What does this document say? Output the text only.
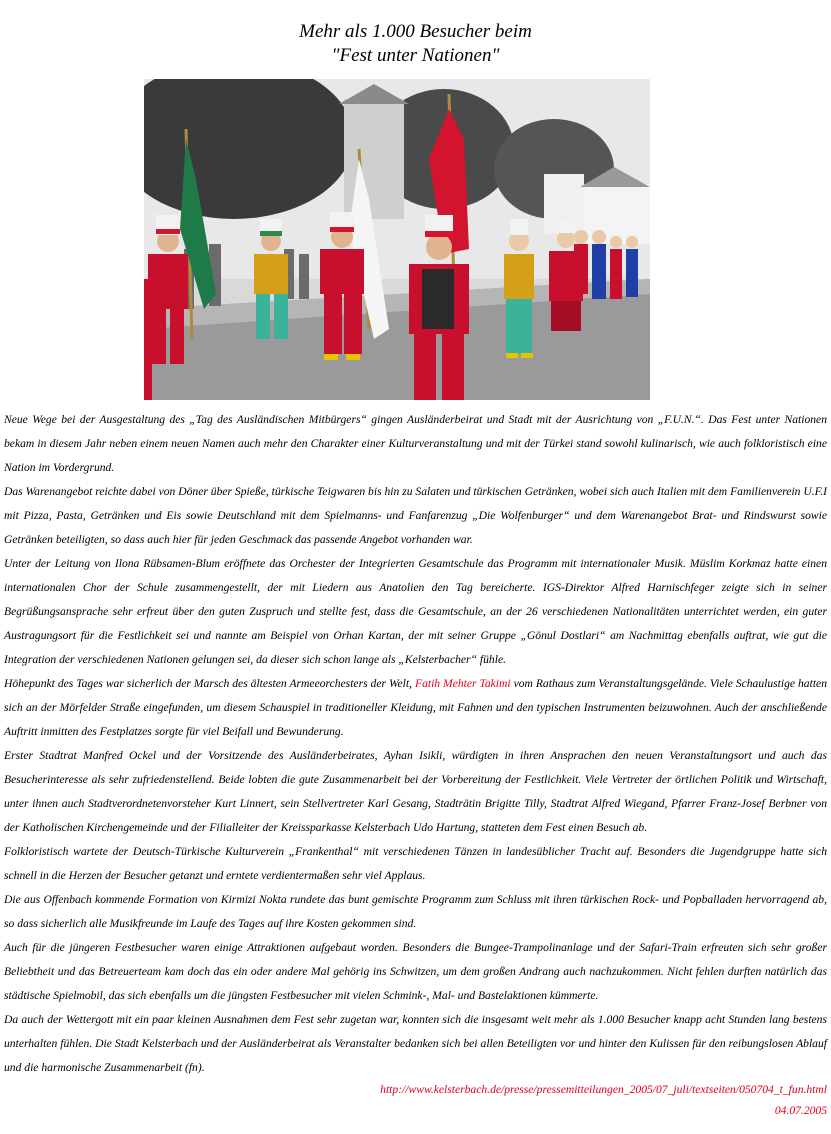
Mehr als 1.000 Besucher beim
"Fest unter Nationen"

Neue Wege bei der Ausgestaltung des „Tag des Ausländischen Mitbürgers“ gingen Ausländerbeirat und Stadt mit der Ausrichtung von „F.U.N.“. Das Fest unter Nationen bekam in diesem Jahr neben einem neuen Namen auch mehr den Charakter einer Kulturveranstaltung und mit der Türkei stand sowohl kulinarisch, wie auch folkloristisch eine Nation im Vordergrund.

Das Warenangebot reichte dabei von Döner über Spieße, türkische Teigwaren bis hin zu Salaten und türkischen Getränken, wobei sich auch Italien mit dem Familienverein U.F.I mit Pizza, Pasta, Getränken und Eis sowie Deutschland mit dem Spielmanns- und Fanfarenzug „Die Wolfenburger“ und dem Warenangebot Brat- und Rindswurst sowie Getränken beteiligten, so dass auch hier für jeden Geschmack das passende Angebot vorhanden war.

Unter der Leitung von Ilona Rübsamen-Blum eröffnete das Orchester der Integrierten Gesamtschule das Programm mit internationaler Musik. Müslim Korkmaz hatte einen internationalen Chor der Schule zusammengestellt, der mit Liedern aus Anatolien den Tag bereicherte. IGS-Direktor Alfred Harnischfeger zeigte sich in seiner Begrüßungsansprache sehr erfreut über den guten Zuspruch und stellte fest, dass die Gesamtschule, an der 26 verschiedenen Nationalitäten unterrichtet werden, ein guter Austragungsort für die Festlichkeit sei und nannte am Beispiel von Orhan Kartan, der mit seiner Gruppe „Gönul Dostlari“ am Nachmittag ebenfalls auftrat, wie gut die Integration der verschiedenen Nationen gelungen sei, da dieser sich schon lange als „Kelsterbacher“ fühle.

Höhepunkt des Tages war sicherlich der Marsch des ältesten Armeeorchesters der Welt, Fatih Mehter Takimi vom Rathaus zum Veranstaltungsgelände. Viele Schaulustige hatten sich an der Mörfelder Straße eingefunden, um diesem Schauspiel in traditioneller Kleidung, mit Fahnen und den typischen Instrumenten beizuwohnen. Auch der anschließende Auftritt inmitten des Festplatzes sorgte für viel Beifall und Bewunderung.

Erster Stadtrat Manfred Ockel und der Vorsitzende des Ausländerbeirates, Ayhan Isikli, würdigten in ihren Ansprachen den neuen Veranstaltungsort und auch das Besucherinteresse als sehr zufriedenstellend. Beide lobten die gute Zusammenarbeit bei der Vorbereitung der Festlichkeit. Viele Vertreter der örtlichen Politik und Wirtschaft, unter ihnen auch Stadtverordnetenvorsteher Kurt Linnert, sein Stellvertreter Karl Gesang, Stadträtin Brigitte Tilly, Stadtrat Alfred Wiegand, Pfarrer Franz-Josef Berbner von der Katholischen Kirchengemeinde und der Filialleiter der Kreissparkasse Kelsterbach Udo Hartung, statteten dem Fest einen Besuch ab.

Folkloristisch wartete der Deutsch-Türkische Kulturverein „Frankenthal“ mit verschiedenen Tänzen in landesüblicher Tracht auf. Besonders die Jugendgruppe hatte sich schnell in die Herzen der Besucher getanzt und erntete verdientermaßen sehr viel Applaus.

Die aus Offenbach kommende Formation von Kirmizi Nokta rundete das bunt gemischte Programm zum Schluss mit ihren türkischen Rock- und Popballaden hervorragend ab, so dass sicherlich alle Musikfreunde im Laufe des Tages auf ihre Kosten gekommen sind.

Auch für die jüngeren Festbesucher waren einige Attraktionen aufgebaut worden. Besonders die Bungee-Trampolinanlage und der Safari-Train erfreuten sich sehr großer Beliebtheit und das Betreuerteam kam doch das ein oder andere Mal gehörig ins Schwitzen, um dem großen Andrang auch nachzukommen. Nicht fehlen durften natürlich das städtische Spielmobil, das sich ebenfalls um die jüngsten Festbesucher mit vielen Schmink-, Mal- und Bastelaktionen kümmerte.

Da auch der Wettergott mit ein paar kleinen Ausnahmen dem Fest sehr zugetan war, konnten sich die insgesamt weit mehr als 1.000 Besucher knapp acht Stunden lang bestens unterhalten fühlen. Die Stadt Kelsterbach und der Ausländerbeirat als Veranstalter bedanken sich bei allen Beteiligten vor und hinter den Kulissen für den reibungslosen Ablauf und die harmonische Zusammenarbeit (fn).

http://www.kelsterbach.de/presse/pressemitteilungen_2005/07_juli/textseiten/050704_t_fun.html
04.07.2005
